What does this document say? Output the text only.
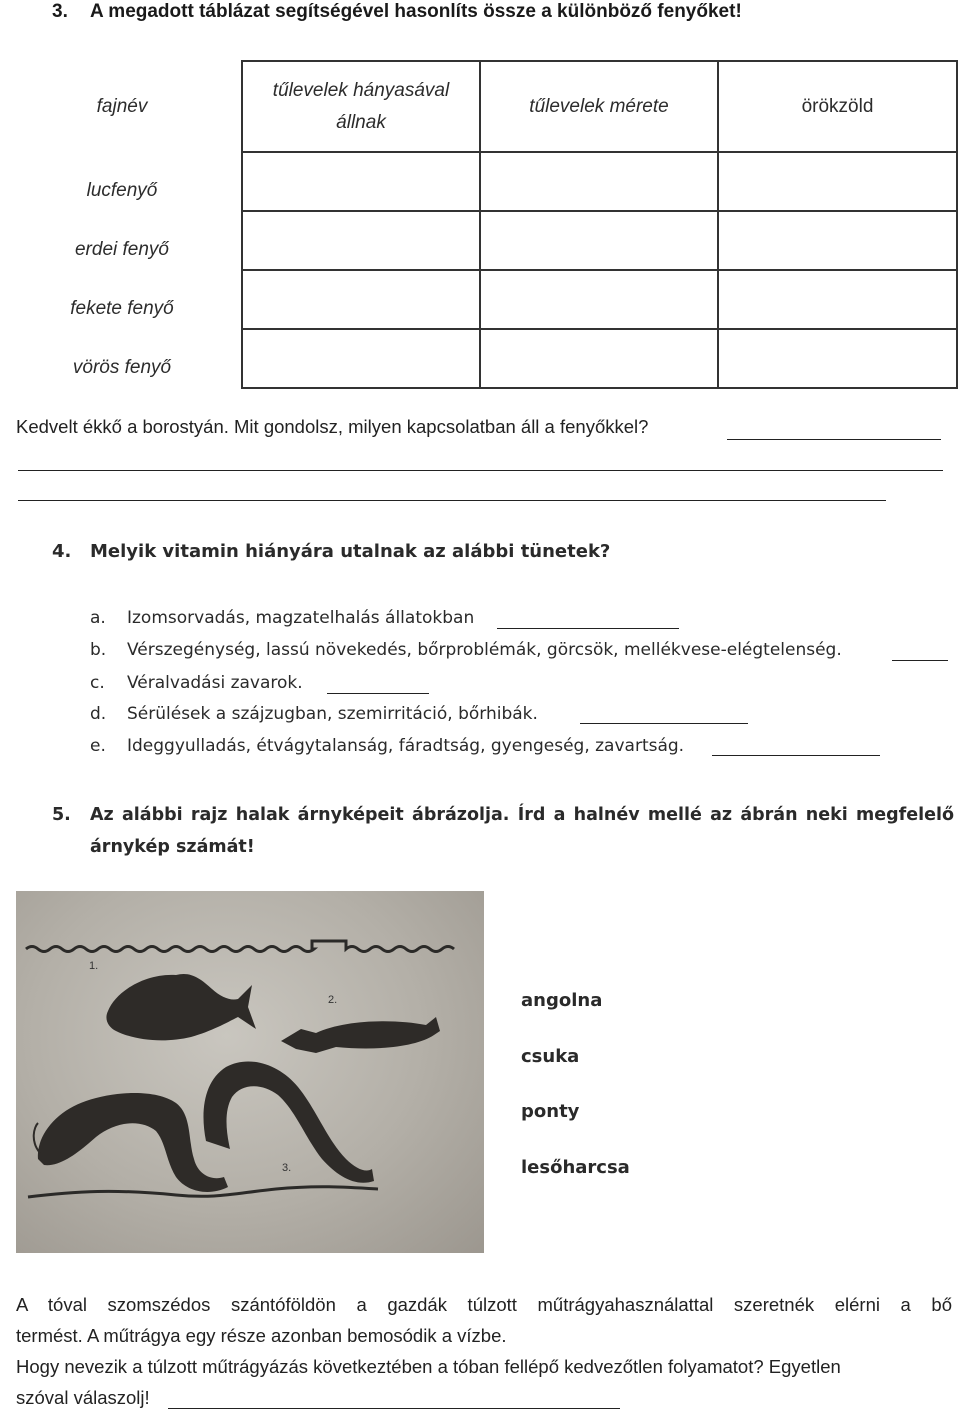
3. A megadott táblázat segítségével hasonlíts össze a különböző fenyőket!
fajnév	tűlevelek hányasával állnak	tűlevelek mérete	örökzöld
lucfenyő			
erdei fenyő			
fekete fenyő			
vörös fenyő			
Kedvelt ékkő a borostyán. Mit gondolsz, milyen kapcsolatban áll a fenyőkkel?
4. Melyik vitamin hiányára utalnak az alábbi tünetek?
a. Izomsorvadás, magzatelhalás állatokban
b. Vérszegénység, lassú növekedés, bőrproblémák, görcsök, mellékvese-elégtelenség.
c. Véralvadási zavarok.
d. Sérülések a szájzugban, szemirritáció, bőrhibák.
e. Ideggyulladás, étvágytalanság, fáradtság, gyengeség, zavartság.
5.	Az alábbi rajz halak árnyképeit ábrázolja. Írd a halnév mellé az ábrán neki megfelelő
árnykép számát!
1.
2.
3.
angolna
csuka
ponty
lesőharcsa
A tóval szomszédos szántóföldön a gazdák túlzott műtrágyahasználattal szeretnék elérni a bő
termést. A műtrágya egy része azonban bemosódik a vízbe.
Hogy nevezik a túlzott műtrágyázás következtében a tóban fellépő kedvezőtlen folyamatot? Egyetlen
szóval válaszolj!
